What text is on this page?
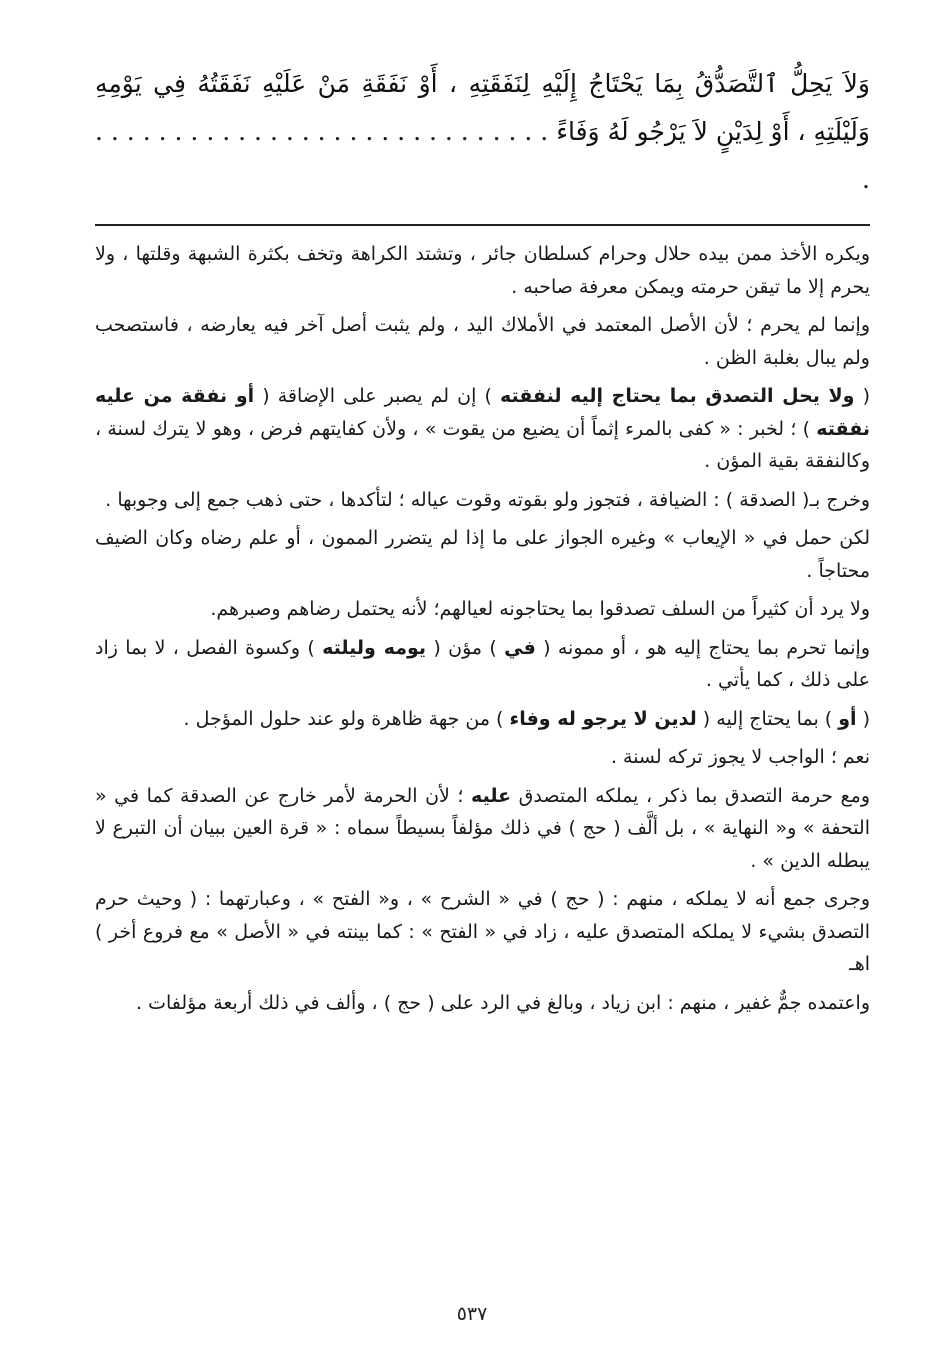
وَلاَ يَحِلُّ ٱلتَّصَدُّقُ بِمَا يَحْتَاجُ إِلَيْهِ لِنَفَقَتِهِ ، أَوْ نَفَقَةِ مَنْ عَلَيْهِ نَفَقَتُهُ فِي يَوْمِهِ وَلَيْلَتِهِ ، أَوْ لِدَيْنٍ لاَ يَرْجُو لَهُ وَفَاءً . . . . . . . . . . . . . . . . . . . . . . . . . . . . . .

ويكره الأخذ ممن بيده حلال وحرام كسلطان جائر ، وتشتد الكراهة وتخف بكثرة الشبهة وقلتها ، ولا يحرم إلا ما تيقن حرمته ويمكن معرفة صاحبه .

وإنما لم يحرم ؛ لأن الأصل المعتمد في الأملاك اليد ، ولم يثبت أصل آخر فيه يعارضه ، فاستصحب ولم يبال بغلبة الظن .

( ولا يحل التصدق بما يحتاج إليه لنفقته ) إن لم يصبر على الإضاقة ( أو نفقة من عليه نفقته ) ؛ لخبر : « كفى بالمرء إثماً أن يضيع من يقوت » ، ولأن كفايتهم فرض ، وهو لا يترك لسنة ، وكالنفقة بقية المؤن .

وخرج بـ( الصدقة ) : الضيافة ، فتجوز ولو بقوته وقوت عياله ؛ لتأكدها ، حتى ذهب جمع إلى وجوبها .

لكن حمل في « الإيعاب » وغيره الجواز على ما إذا لم يتضرر الممون ، أو علم رضاه وكان الضيف محتاجاً .

ولا يرد أن كثيراً من السلف تصدقوا بما يحتاجونه لعيالهم؛ لأنه يحتمل رضاهم وصبرهم.

وإنما تحرم بما يحتاج إليه هو ، أو ممونه ( في ) مؤن ( يومه وليلته ) وكسوة الفصل ، لا بما زاد على ذلك ، كما يأتي .

( أو ) بما يحتاج إليه ( لدين لا يرجو له وفاء ) من جهة ظاهرة ولو عند حلول المؤجل .

نعم ؛ الواجب لا يجوز تركه لسنة .

ومع حرمة التصدق بما ذكر ، يملكه المتصدق عليه ؛ لأن الحرمة لأمر خارج عن الصدقة كما في « التحفة » و« النهاية » ، بل ألَّف ( حج ) في ذلك مؤلفاً بسيطاً سماه : « قرة العين ببيان أن التبرع لا يبطله الدين » .

وجرى جمع أنه لا يملكه ، منهم : ( حج ) في « الشرح » ، و« الفتح » ، وعبارتهما : ( وحيث حرم التصدق بشيء لا يملكه المتصدق عليه ، زاد في « الفتح » : كما بينته في « الأصل » مع فروع أخر ) اهـ

واعتمده جمٌّ غفير ، منهم : ابن زياد ، وبالغ في الرد على ( حج ) ، وألف في ذلك أربعة مؤلفات .

٥٣٧
